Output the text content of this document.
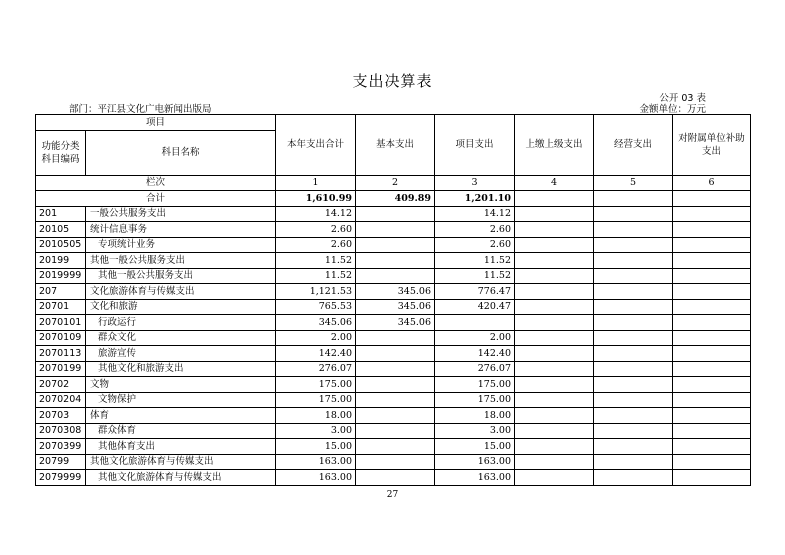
支出决算表
公开 03 表
部门：平江县文化广电新闻出版局	金额单位：万元
项目		本年支出合计	基本支出	项目支出	上缴上级支出	经营支出	对附属单位补助支出
功能分类科目编码	科目名称						
栏次		1	2	3	4	5	6
合计		1,610.99	409.89	1,201.10			
201	一般公共服务支出	14.12		14.12			
20105	统计信息事务	2.60		2.60			
2010505	专项统计业务	2.60		2.60			
20199	其他一般公共服务支出	11.52		11.52			
2019999	其他一般公共服务支出	11.52		11.52			
207	文化旅游体育与传媒支出	1,121.53	345.06	776.47			
20701	文化和旅游	765.53	345.06	420.47			
2070101	行政运行	345.06	345.06				
2070109	群众文化	2.00		2.00			
2070113	旅游宣传	142.40		142.40			
2070199	其他文化和旅游支出	276.07		276.07			
20702	文物	175.00		175.00			
2070204	文物保护	175.00		175.00			
20703	体育	18.00		18.00			
2070308	群众体育	3.00		3.00			
2070399	其他体育支出	15.00		15.00			
20799	其他文化旅游体育与传媒支出	163.00		163.00			
2079999	其他文化旅游体育与传媒支出	163.00		163.00			
27
